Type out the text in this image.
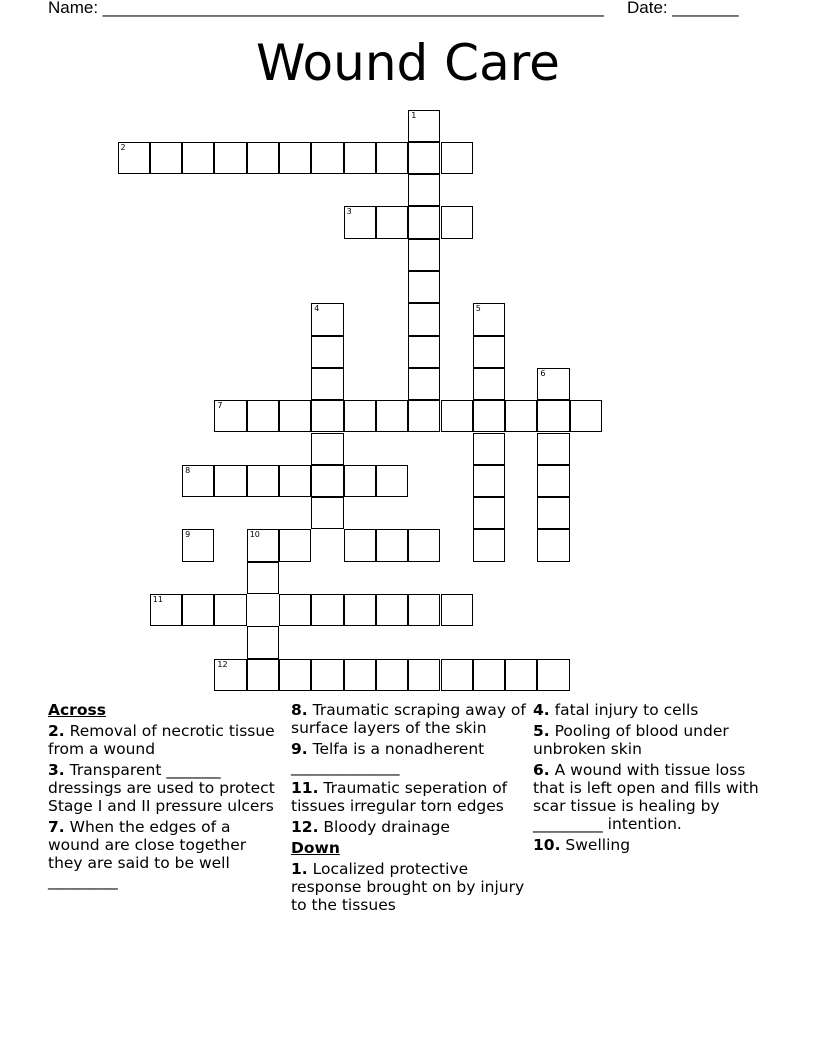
Name: _____________________________________________________ Date: _______
Wound Care
1
2
3
4	5
6
7
8
9	10
11
12
Across
2. Removal of necrotic tissue from a wound
3. Transparent _______ dressings are used to protect Stage I and II pressure ulcers
7. When the edges of a wound are close together they are said to be well _________
8. Traumatic scraping away of surface layers of the skin
9. Telfa is a nonadherent ______________
11. Traumatic seperation of tissues irregular torn edges
12. Bloody drainage
Down
1. Localized protective response brought on by injury to the tissues
4. fatal injury to cells
5. Pooling of blood under unbroken skin
6. A wound with tissue loss that is left open and fills with scar tissue is healing by _________ intention.
10. Swelling
